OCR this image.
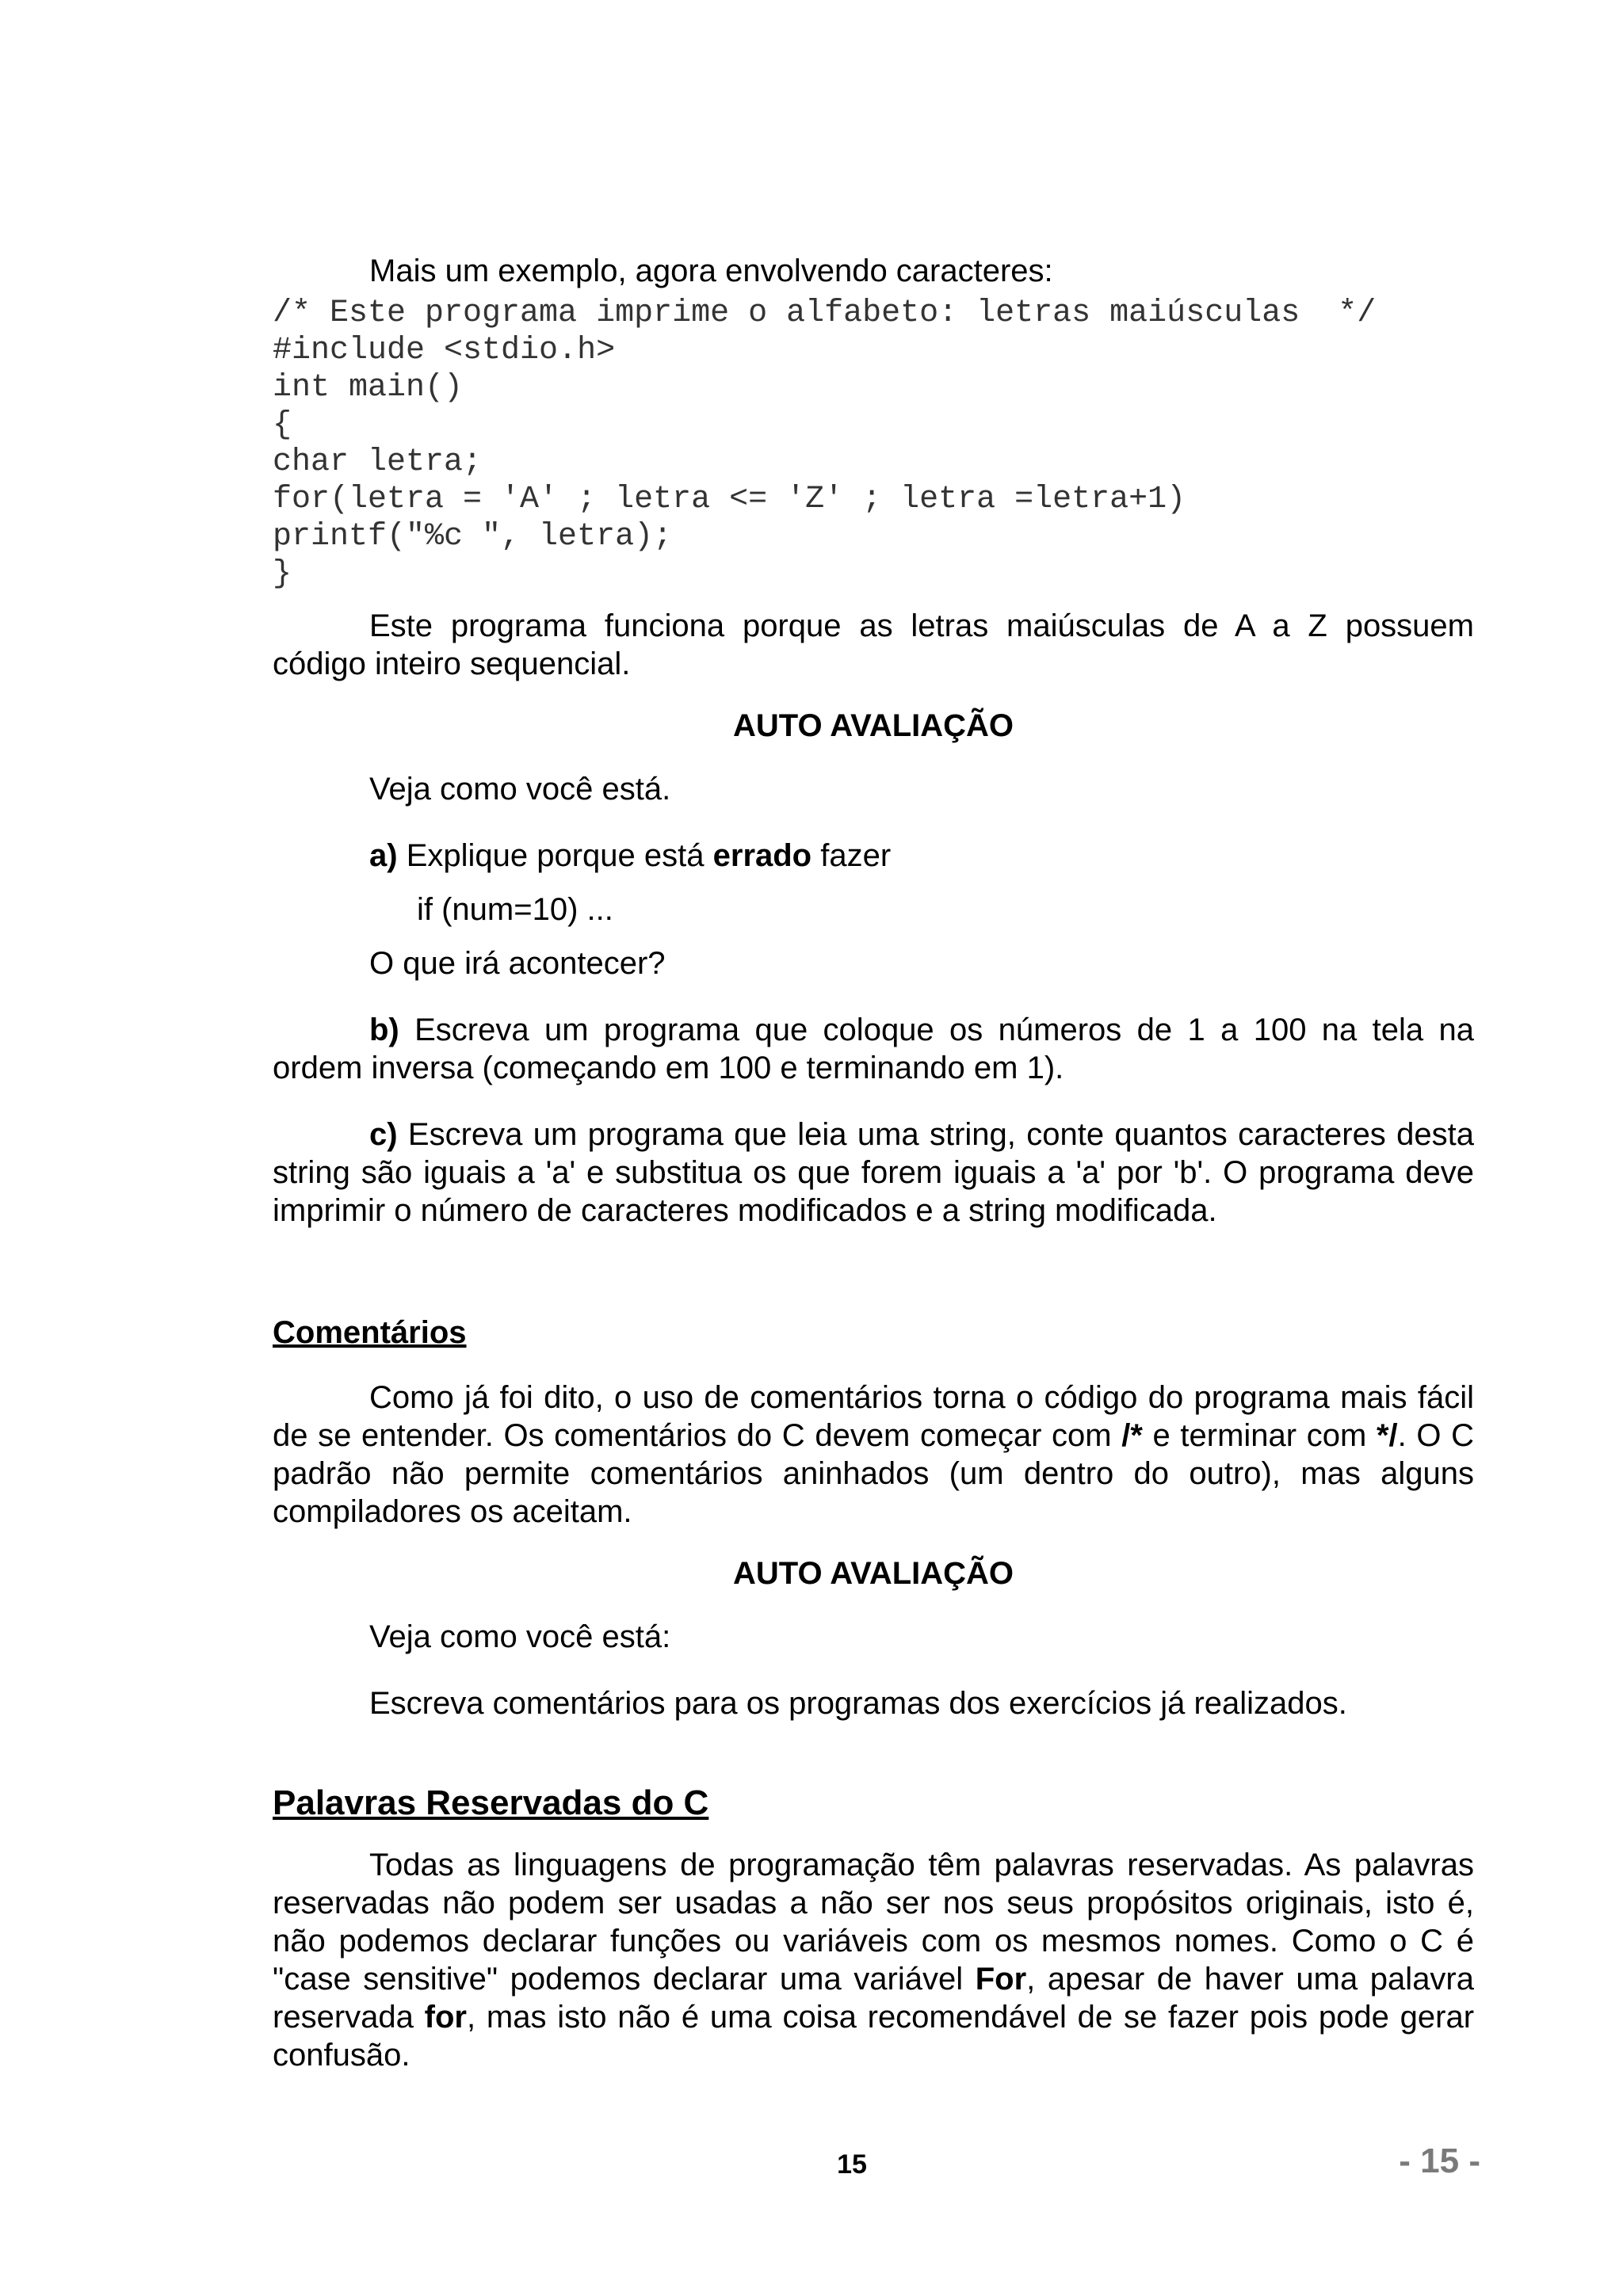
Mais um exemplo, agora envolvendo caracteres:

/* Este programa imprime o alfabeto: letras maiúsculas  */
#include <stdio.h>
int main()
{
char letra;
for(letra = 'A' ; letra <= 'Z' ; letra =letra+1)
printf("%c ", letra);
}

Este programa funciona porque as letras maiúsculas de A a Z possuem código inteiro sequencial.

AUTO AVALIAÇÃO

Veja como você está.

a) Explique porque está errado fazer

if (num=10) ...

O que irá acontecer?

b) Escreva um programa que coloque os números de 1 a 100 na tela na ordem inversa (começando em 100 e terminando em 1).

c) Escreva um programa que leia uma string, conte quantos caracteres desta string são iguais a 'a' e substitua os que forem iguais a 'a' por 'b'. O programa deve imprimir o número de caracteres modificados e a string modificada.

Comentários

Como já foi dito, o uso de comentários torna o código do programa mais fácil de se entender. Os comentários do C devem começar com /* e terminar com */. O C padrão não permite comentários aninhados (um dentro do outro), mas alguns compiladores os aceitam.

AUTO AVALIAÇÃO

Veja como você está:

Escreva comentários para os programas dos exercícios já realizados.

Palavras Reservadas do C

Todas as linguagens de programação têm palavras reservadas. As palavras reservadas não podem ser usadas a não ser nos seus propósitos originais, isto é, não podemos declarar funções ou variáveis com os mesmos nomes. Como o C é "case sensitive" podemos declarar uma variável For, apesar de haver uma palavra reservada for, mas isto não é uma coisa recomendável de se fazer pois pode gerar confusão.

15	- 15 -
